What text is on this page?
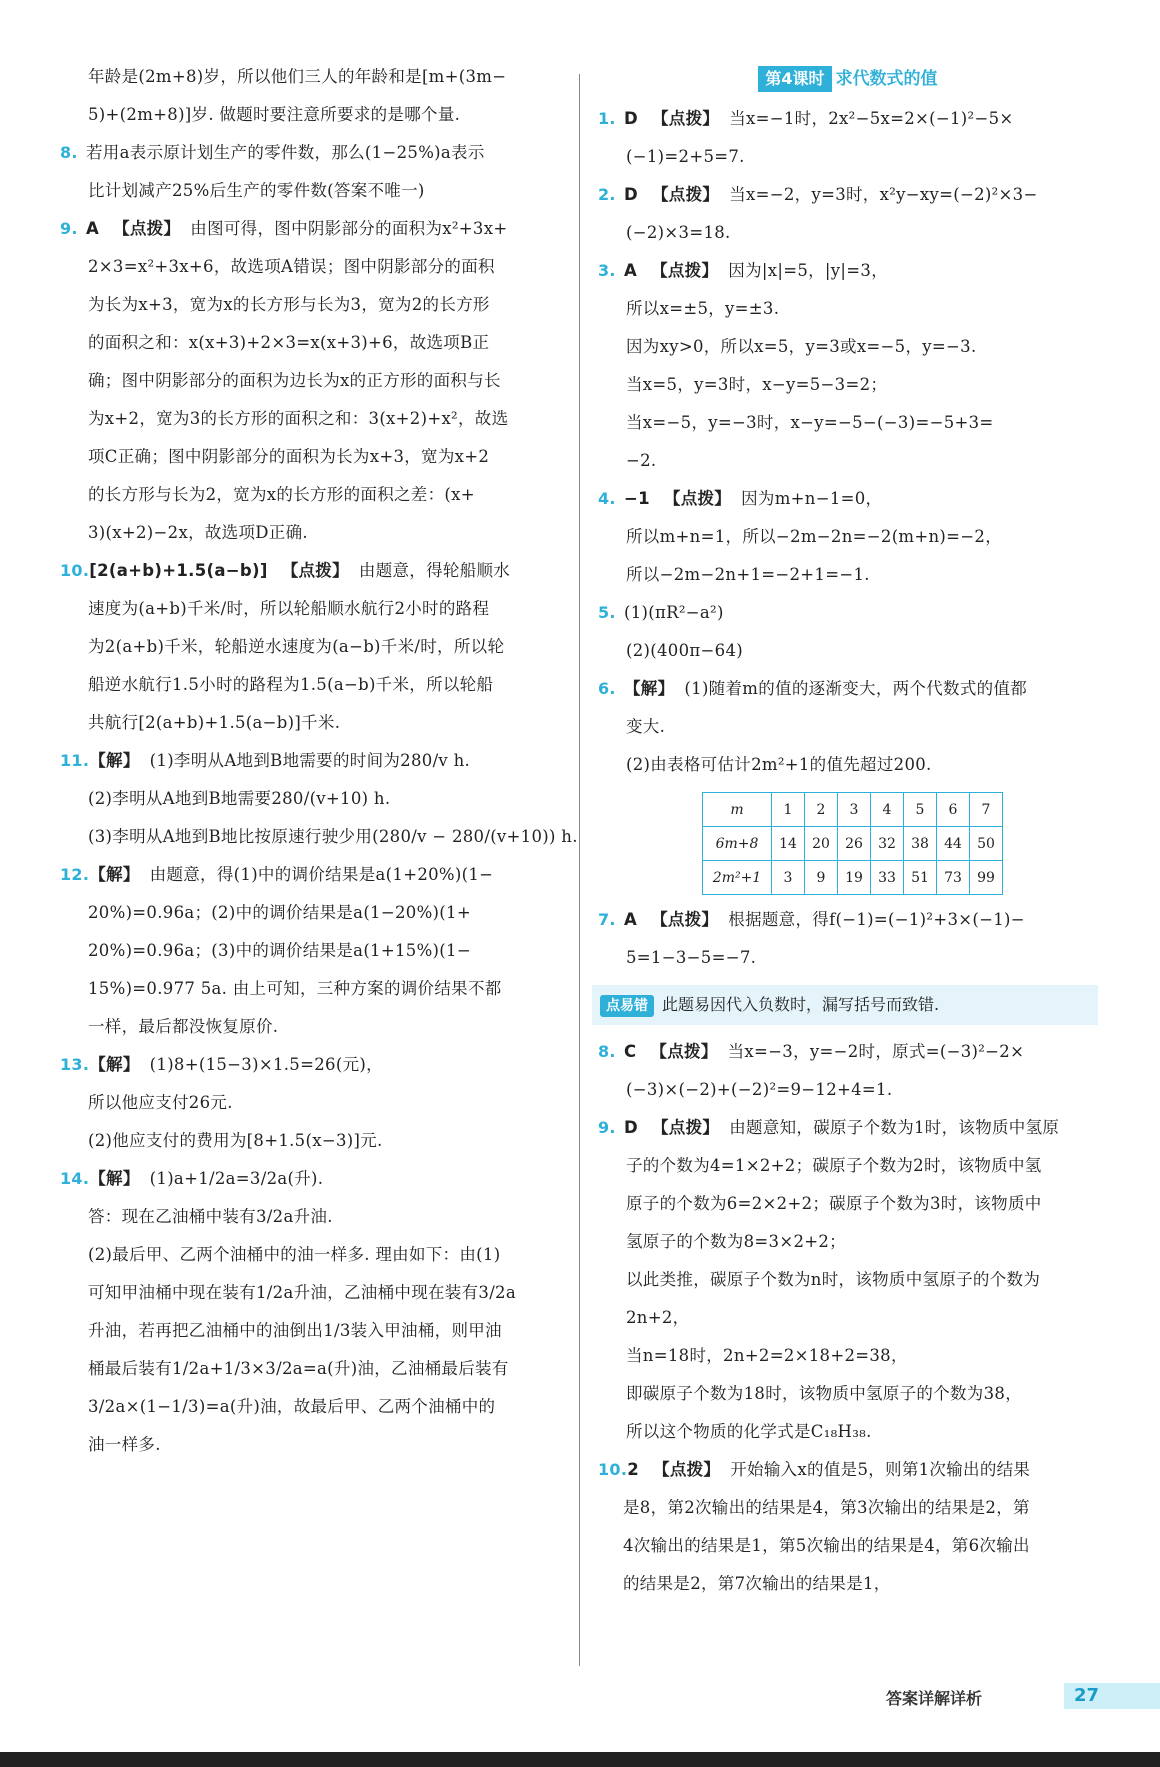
年龄是(2m+8)岁，所以他们三人的年龄和是[m+(3m−
5)+(2m+8)]岁. 做题时要注意所要求的是哪个量.
8. 若用a表示原计划生产的零件数，那么(1−25%)a表示
比计划减产25%后生产的零件数(答案不唯一)
9. A 【点拨】 由图可得，图中阴影部分的面积为x²+3x+
2×3=x²+3x+6，故选项A错误；图中阴影部分的面积
为长为x+3，宽为x的长方形与长为3，宽为2的长方形
的面积之和：x(x+3)+2×3=x(x+3)+6，故选项B正
确；图中阴影部分的面积为边长为x的正方形的面积与长
为x+2，宽为3的长方形的面积之和：3(x+2)+x²，故选
项C正确；图中阴影部分的面积为长为x+3，宽为x+2
的长方形与长为2，宽为x的长方形的面积之差：(x+
3)(x+2)−2x，故选项D正确.
10.[2(a+b)+1.5(a−b)] 【点拨】 由题意，得轮船顺水
速度为(a+b)千米/时，所以轮船顺水航行2小时的路程
为2(a+b)千米，轮船逆水速度为(a−b)千米/时，所以轮
船逆水航行1.5小时的路程为1.5(a−b)千米，所以轮船
共航行[2(a+b)+1.5(a−b)]千米.
11.【解】 (1)李明从A地到B地需要的时间为280/v h.
(2)李明从A地到B地需要280/(v+10) h.
(3)李明从A地到B地比按原速行驶少用(280/v − 280/(v+10)) h.
12.【解】 由题意，得(1)中的调价结果是a(1+20%)(1−
20%)=0.96a；(2)中的调价结果是a(1−20%)(1+
20%)=0.96a；(3)中的调价结果是a(1+15%)(1−
15%)=0.977 5a. 由上可知，三种方案的调价结果不都
一样，最后都没恢复原价.
13.【解】 (1)8+(15−3)×1.5=26(元)，
所以他应支付26元.
(2)他应支付的费用为[8+1.5(x−3)]元.
14.【解】 (1)a+1/2a=3/2a(升).
答：现在乙油桶中装有3/2a升油.
(2)最后甲、乙两个油桶中的油一样多. 理由如下：由(1)
可知甲油桶中现在装有1/2a升油，乙油桶中现在装有3/2a
升油，若再把乙油桶中的油倒出1/3装入甲油桶，则甲油
桶最后装有1/2a+1/3×3/2a=a(升)油，乙油桶最后装有
3/2a×(1−1/3)=a(升)油，故最后甲、乙两个油桶中的
油一样多.
第4课时 求代数式的值
1. D 【点拨】 当x=−1时，2x²−5x=2×(−1)²−5×
(−1)=2+5=7.
2. D 【点拨】 当x=−2，y=3时，x²y−xy=(−2)²×3−
(−2)×3=18.
3. A 【点拨】 因为|x|=5，|y|=3，
所以x=±5，y=±3.
因为xy>0，所以x=5，y=3或x=−5，y=−3.
当x=5，y=3时，x−y=5−3=2；
当x=−5，y=−3时，x−y=−5−(−3)=−5+3=
−2.
4. −1 【点拨】 因为m+n−1=0，
所以m+n=1，所以−2m−2n=−2(m+n)=−2，
所以−2m−2n+1=−2+1=−1.
5. (1)(πR²−a²)
(2)(400π−64)
6. 【解】 (1)随着m的值的逐渐变大，两个代数式的值都
变大.
(2)由表格可估计2m²+1的值先超过200.
m	1	2	3	4	5	6	7
6m+8	14	20	26	32	38	44	50
2m²+1	3	9	19	33	51	73	99
7. A 【点拨】 根据题意，得f(−1)=(−1)²+3×(−1)−
5=1−3−5=−7.
点易错 此题易因代入负数时，漏写括号而致错.
8. C 【点拨】 当x=−3，y=−2时，原式=(−3)²−2×
(−3)×(−2)+(−2)²=9−12+4=1.
9. D 【点拨】 由题意知，碳原子个数为1时，该物质中氢原
子的个数为4=1×2+2；碳原子个数为2时，该物质中氢
原子的个数为6=2×2+2；碳原子个数为3时，该物质中
氢原子的个数为8=3×2+2；
以此类推，碳原子个数为n时，该物质中氢原子的个数为
2n+2，
当n=18时，2n+2=2×18+2=38，
即碳原子个数为18时，该物质中氢原子的个数为38，
所以这个物质的化学式是C₁₈H₃₈.
10.2 【点拨】 开始输入x的值是5，则第1次输出的结果
是8，第2次输出的结果是4，第3次输出的结果是2，第
4次输出的结果是1，第5次输出的结果是4，第6次输出
的结果是2，第7次输出的结果是1，
答案详解详析	27
